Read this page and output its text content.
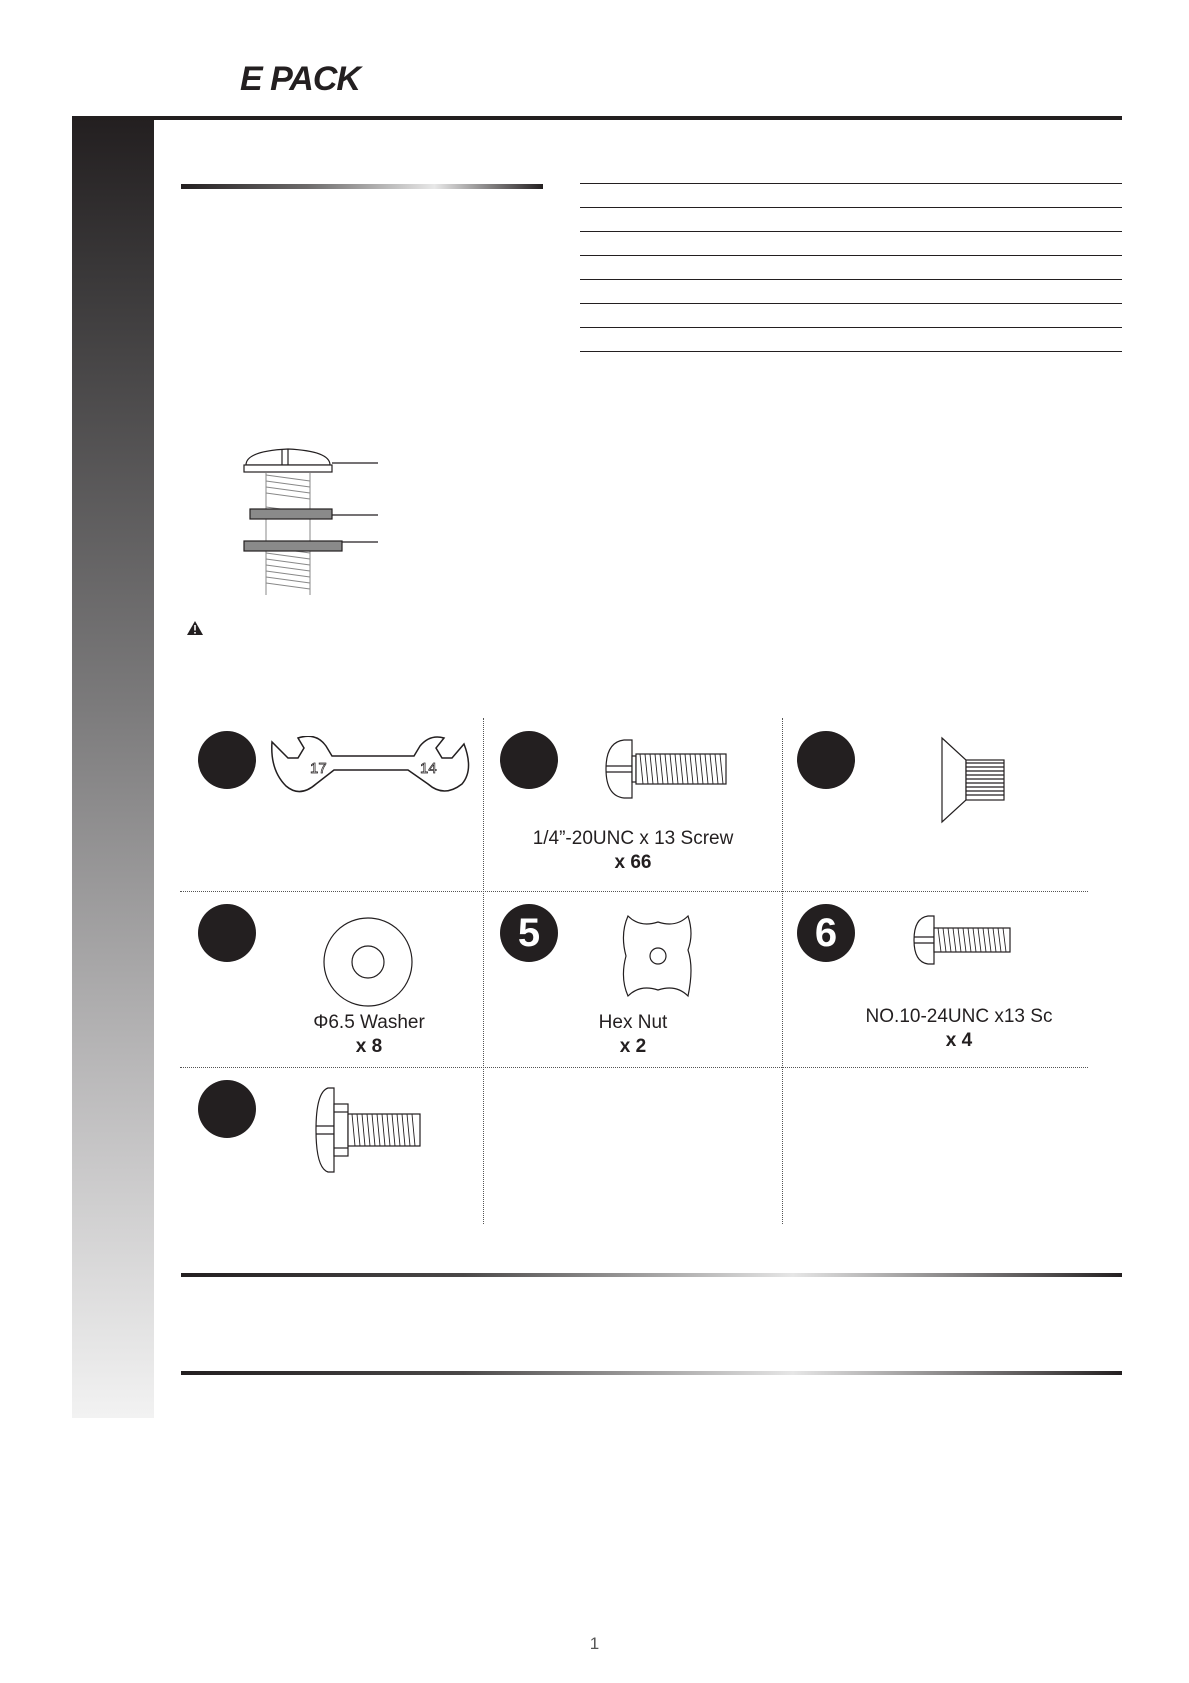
E PACK
17	14
1/4”-20UNC x 13 Screw
x 66
Φ6.5 Washer
x 8
5
Hex Nut
x 2
6
NO.10-24UNC x13 Sc
x 4
1
